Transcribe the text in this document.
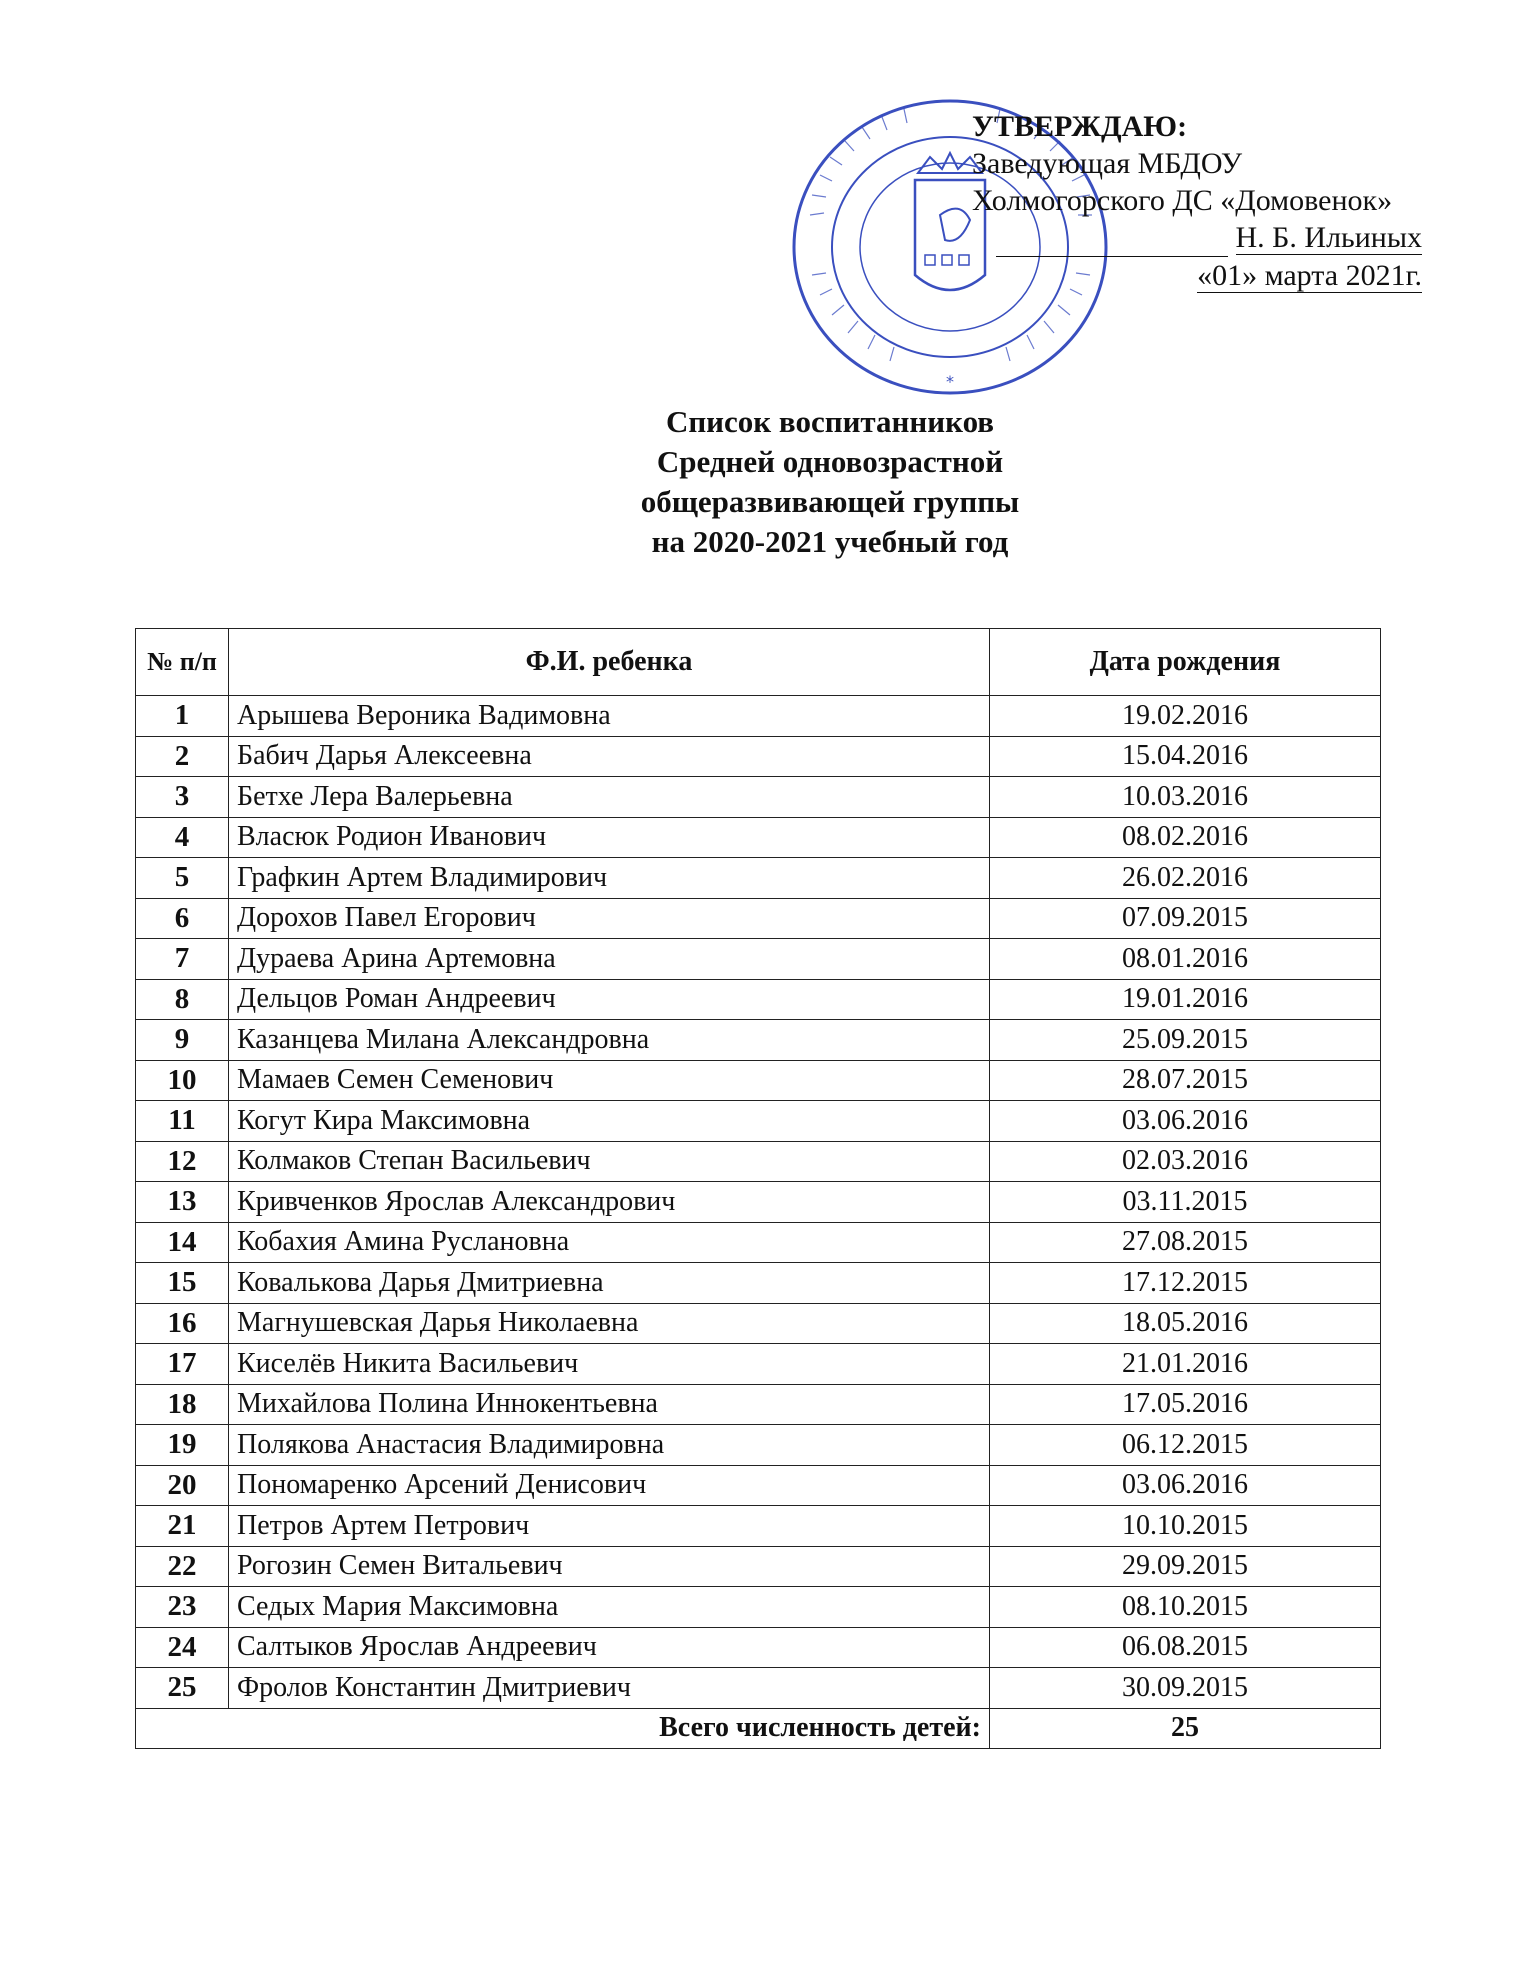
*
УТВЕРЖДАЮ:
Заведующая МБДОУ
Холмогорского ДС «Домовенок»
Н. Б. Ильиных
«01» марта 2021г.
Список воспитанников
Средней одновозрастной
общеразвивающей группы
на 2020-2021 учебный год
№ п/п	Ф.И. ребенка	Дата рождения
1	Арышева Вероника Вадимовна	19.02.2016
2	Бабич Дарья Алексеевна	15.04.2016
3	Бетхе Лера Валерьевна	10.03.2016
4	Власюк Родион Иванович	08.02.2016
5	Графкин Артем Владимирович	26.02.2016
6	Дорохов Павел Егорович	07.09.2015
7	Дураева Арина Артемовна	08.01.2016
8	Дельцов Роман Андреевич	19.01.2016
9	Казанцева Милана Александровна	25.09.2015
10	Мамаев Семен Семенович	28.07.2015
11	Когут Кира Максимовна	03.06.2016
12	Колмаков Степан Васильевич	02.03.2016
13	Кривченков Ярослав Александрович	03.11.2015
14	Кобахия Амина Руслановна	27.08.2015
15	Ковалькова Дарья Дмитриевна	17.12.2015
16	Магнушевская Дарья Николаевна	18.05.2016
17	Киселёв Никита Васильевич	21.01.2016
18	Михайлова Полина Иннокентьевна	17.05.2016
19	Полякова Анастасия Владимировна	06.12.2015
20	Пономаренко Арсений Денисович	03.06.2016
21	Петров Артем Петрович	10.10.2015
22	Рогозин Семен Витальевич	29.09.2015
23	Седых Мария Максимовна	08.10.2015
24	Салтыков Ярослав Андреевич	06.08.2015
25	Фролов Константин Дмитриевич	30.09.2015
Всего численность детей:		25
